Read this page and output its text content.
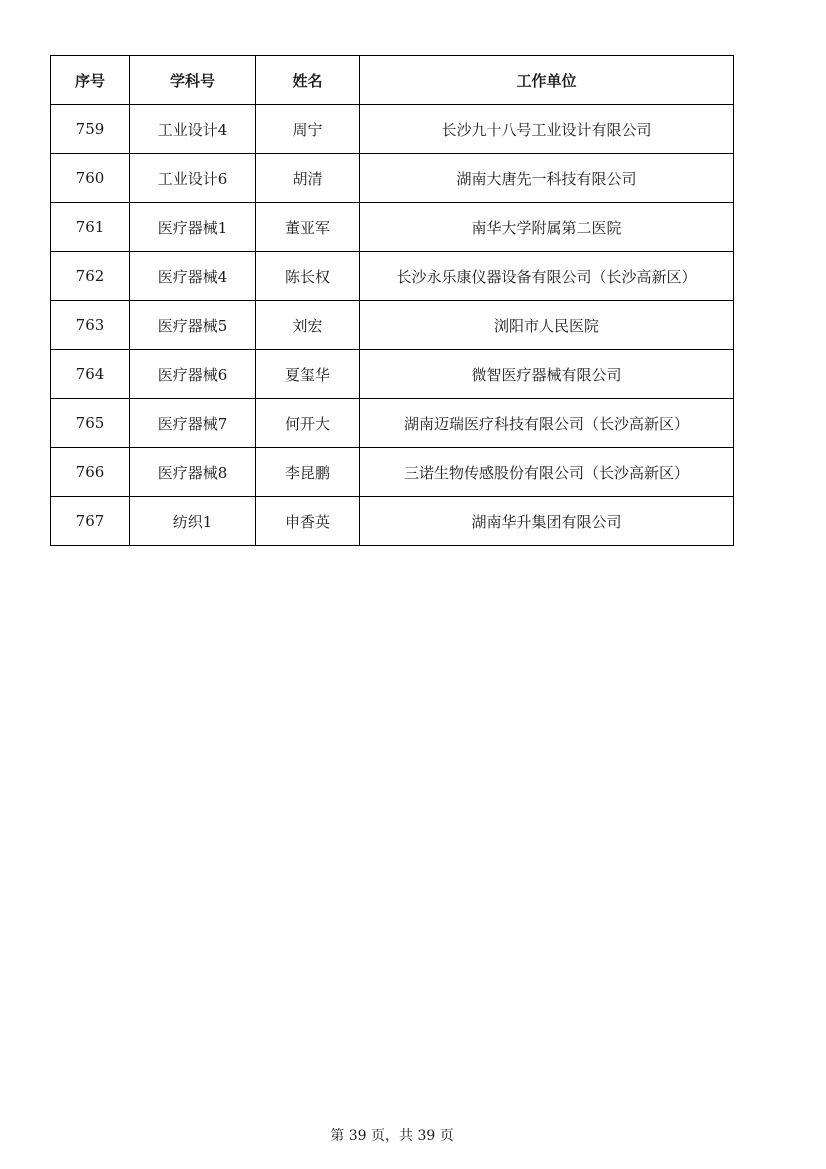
序号	学科号	姓名	工作单位
759	工业设计4	周宁	长沙九十八号工业设计有限公司
760	工业设计6	胡清	湖南大唐先一科技有限公司
761	医疗器械1	董亚军	南华大学附属第二医院
762	医疗器械4	陈长权	长沙永乐康仪器设备有限公司（长沙高新区）
763	医疗器械5	刘宏	浏阳市人民医院
764	医疗器械6	夏玺华	微智医疗器械有限公司
765	医疗器械7	何开大	湖南迈瑞医疗科技有限公司（长沙高新区）
766	医疗器械8	李昆鹏	三诺生物传感股份有限公司（长沙高新区）
767	纺织1	申香英	湖南华升集团有限公司
第 39 页，共 39 页
